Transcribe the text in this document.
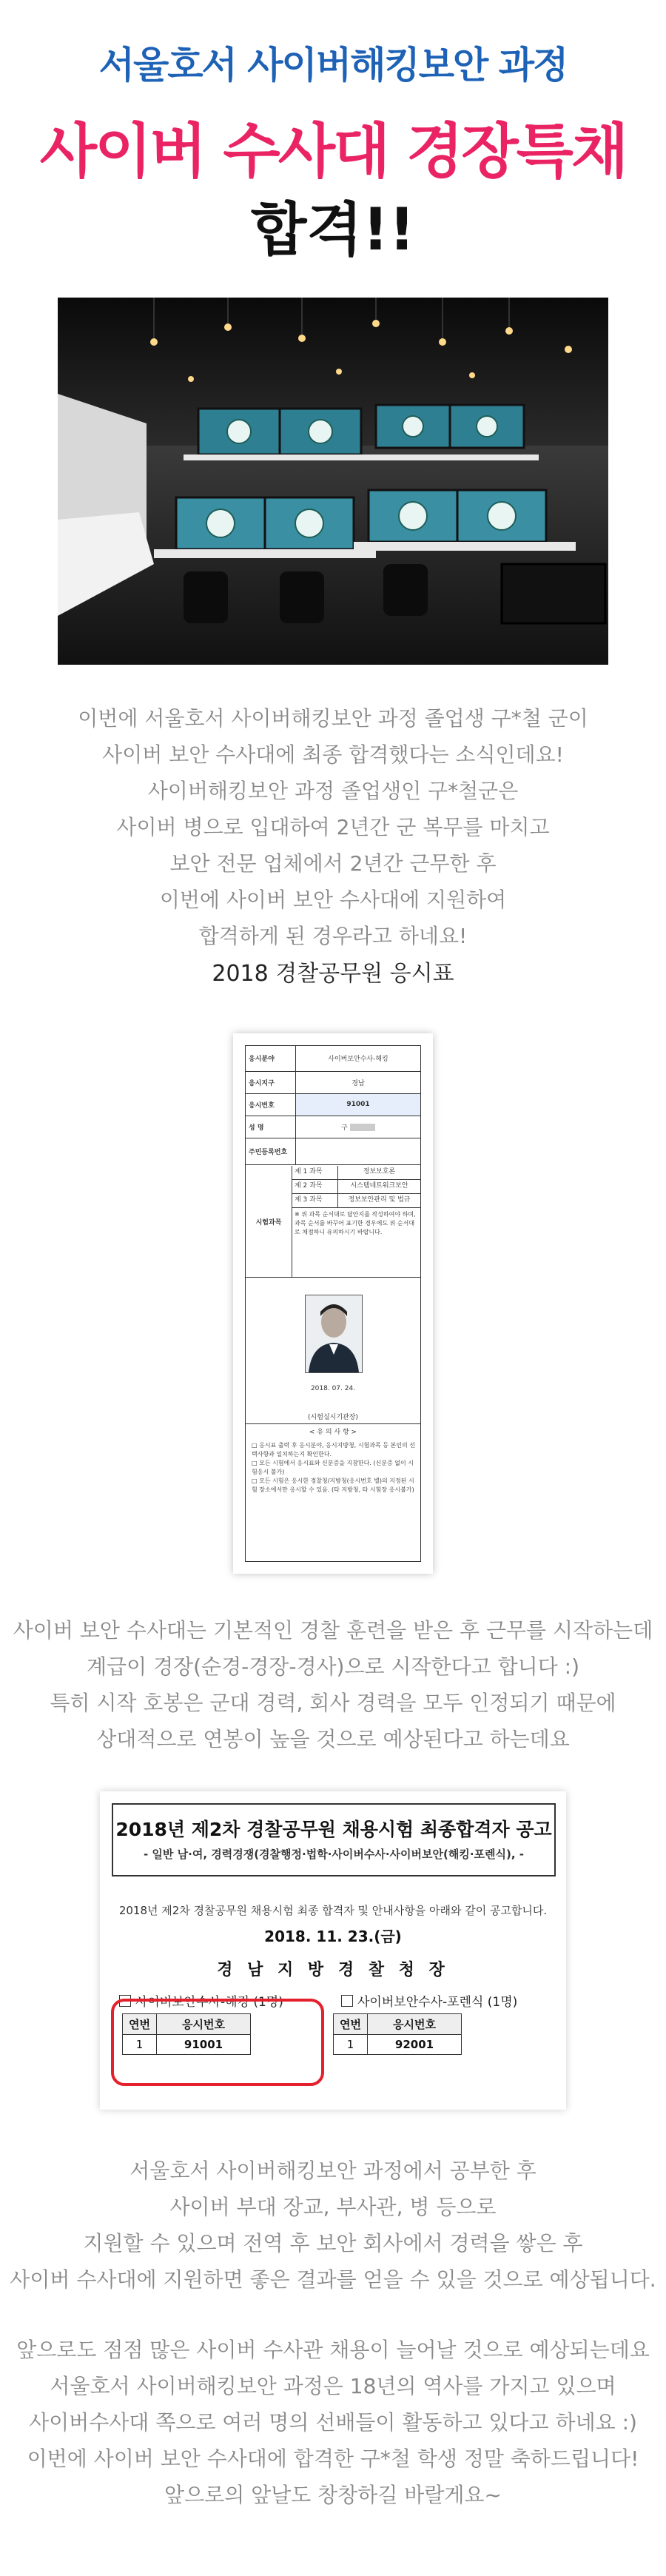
서울호서 사이버해킹보안 과정
사이버 수사대 경장특채
합격!!
이번에 서울호서 사이버해킹보안 과정 졸업생 구*철 군이
사이버 보안 수사대에 최종 합격했다는 소식인데요!
사이버해킹보안 과정 졸업생인 구*철군은
사이버 병으로 입대하여 2년간 군 복무를 마치고
보안 전문 업체에서 2년간 근무한 후
이번에 사이버 보안 수사대에 지원하여
합격하게 된 경우라고 하네요!
2018 경찰공무원 응시표
응시분야	사이버보안수사-해킹
응시지구	경남
응시번호	91001
성 명	구
주민등록번호	
시험과목
제 1 과목	정보보호론
제 2 과목	시스템네트워크보안
제 3 과목	정보보안관리 및 법규
※ 위 과목 순서대로 답안지를 작성하여야 하며, 과목 순서를 바꾸어 표기한 경우에도 위 순서대로 채점하니 유의하시기 바랍니다.
2018. 07. 24.
(시험실시기관장)
< 유 의 사 항 >
□ 응시표 출력 후 응시분야, 응시지방청, 시험과목 등 본인의 선택사항과 일치하는지 확인한다.
□ 모든 시험에서 응시표와 신분증을 지참한다. (신분증 없이 시험응시 불가)
□ 모든 시험은 응시한 경찰청/지방청(응시번호 별)의 지정된 시험 장소에서만 응시할 수 있음. (타 지방청, 타 시험장 응시불가)
사이버 보안 수사대는 기본적인 경찰 훈련을 받은 후 근무를 시작하는데
계급이 경장(순경-경장-경사)으로 시작한다고 합니다 :)
특히 시작 호봉은 군대 경력, 회사 경력을 모두 인정되기 때문에
상대적으로 연봉이 높을 것으로 예상된다고 하는데요
2018년 제2차 경찰공무원 채용시험 최종합격자 공고
- 일반 남·여, 경력경쟁(경찰행정·법학·사이버수사·사이버보안(해킹·포렌식), -
2018년 제2차 경찰공무원 채용시험 최종 합격자 및 안내사항을 아래와 같이 공고합니다.
2018. 11. 23.(금)
경 남 지 방 경 찰 청 장
사이버보안수사-해킹 (1명)	사이버보안수사-포렌식 (1명)
연번	응시번호
1	91001
연번	응시번호
1	92001
서울호서 사이버해킹보안 과정에서 공부한 후
사이버 부대 장교, 부사관, 병 등으로
지원할 수 있으며 전역 후 보안 회사에서 경력을 쌓은 후
사이버 수사대에 지원하면 좋은 결과를 얻을 수 있을 것으로 예상됩니다.
앞으로도 점점 많은 사이버 수사관 채용이 늘어날 것으로 예상되는데요
서울호서 사이버해킹보안 과정은 18년의 역사를 가지고 있으며
사이버수사대 쪽으로 여러 명의 선배들이 활동하고 있다고 하네요 :)
이번에 사이버 보안 수사대에 합격한 구*철 학생 정말 축하드립니다!
앞으로의 앞날도 창창하길 바랄게요~
